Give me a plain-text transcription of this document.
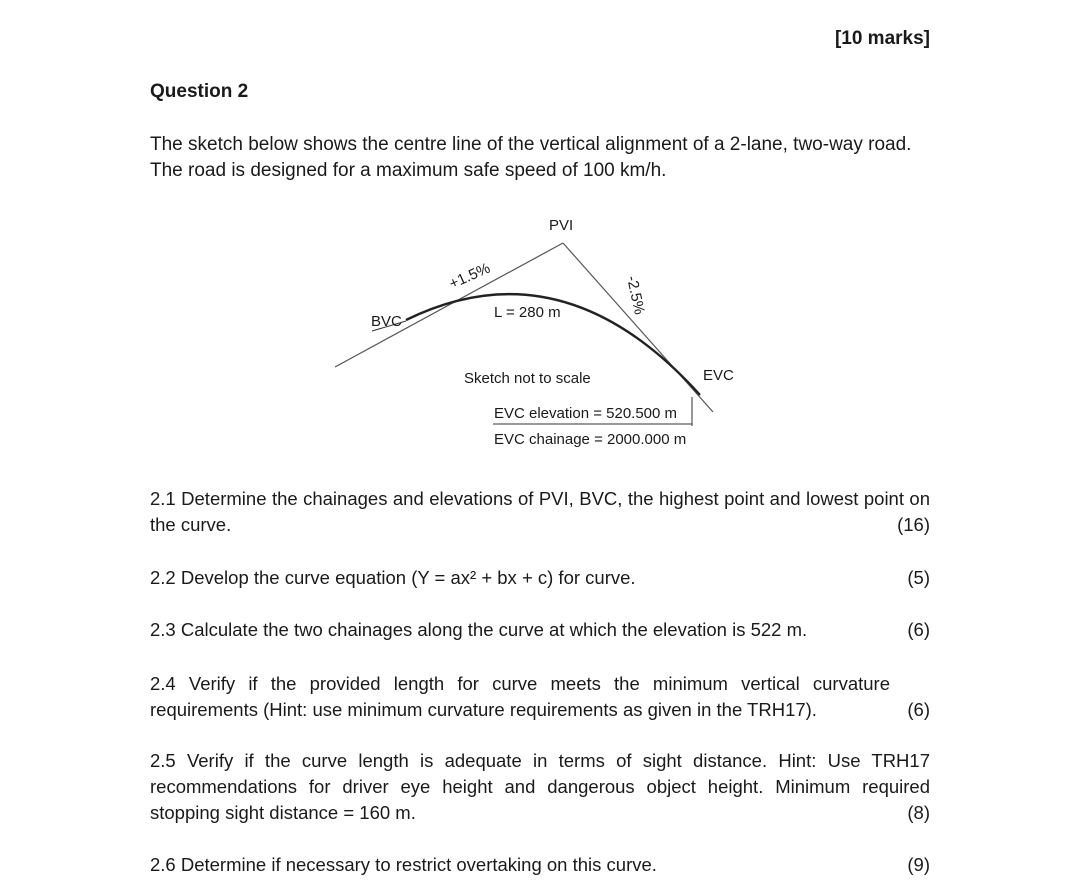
[10 marks]
Question 2
The sketch below shows the centre line of the vertical alignment of a 2-lane, two-way road. The road is designed for a maximum safe speed of 100 km/h.
PVI
BVC
EVC
+1.5%	-2.5%
L = 280 m
Sketch not to scale
EVC elevation = 520.500 m
EVC chainage = 2000.000 m
2.1 Determine the chainages and elevations of PVI, BVC, the highest point and lowest point on the curve.	(16)
2.2 Develop the curve equation (Y = ax² + bx + c) for curve.	(5)
2.3 Calculate the two chainages along the curve at which the elevation is 522 m.	(6)
2.4 Verify if the provided length for curve meets the minimum vertical curvature requirements (Hint: use minimum curvature requirements as given in the TRH17).	(6)
2.5 Verify if the curve length is adequate in terms of sight distance. Hint: Use TRH17 recommendations for driver eye height and dangerous object height. Minimum required stopping sight distance = 160 m.	(8)
2.6 Determine if necessary to restrict overtaking on this curve.	(9)
